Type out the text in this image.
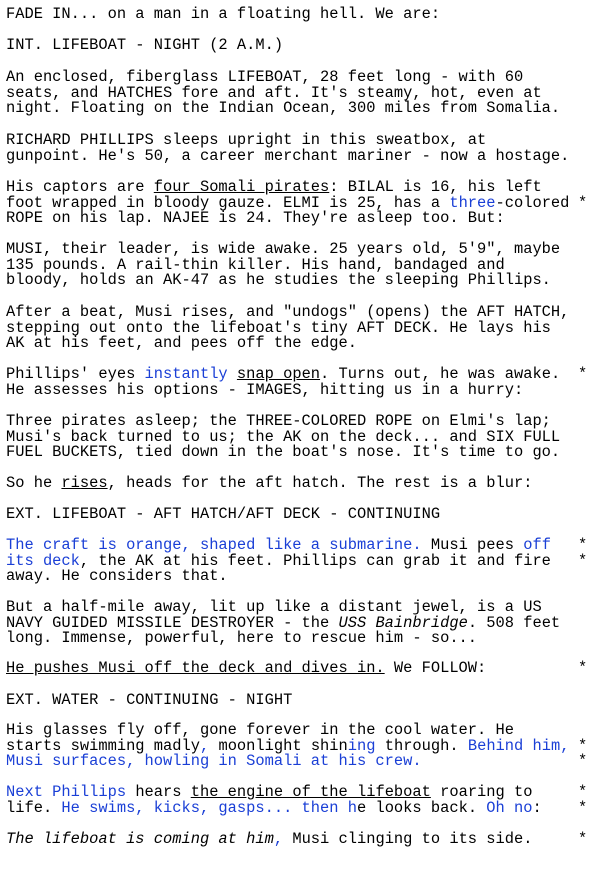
FADE IN... on a man in a floating hell. We are:
INT. LIFEBOAT - NIGHT (2 A.M.)
An enclosed, fiberglass LIFEBOAT, 28 feet long - with 60
seats, and HATCHES fore and aft. It's steamy, hot, even at
night. Floating on the Indian Ocean, 300 miles from Somalia.
RICHARD PHILLIPS sleeps upright in this sweatbox, at
gunpoint. He's 50, a career merchant mariner - now a hostage.
*
His captors are four Somali pirates: BILAL is 16, his left
foot wrapped in bloody gauze. ELMI is 25, has a three-colored
ROPE on his lap. NAJEE is 24. They're asleep too. But:
MUSI, their leader, is wide awake. 25 years old, 5'9", maybe
135 pounds. A rail-thin killer. His hand, bandaged and
bloody, holds an AK-47 as he studies the sleeping Phillips.
After a beat, Musi rises, and "undogs" (opens) the AFT HATCH,
stepping out onto the lifeboat's tiny AFT DECK. He lays his
AK at his feet, and pees off the edge.
*
Phillips' eyes instantly snap open. Turns out, he was awake.
He assesses his options - IMAGES, hitting us in a hurry:
Three pirates asleep; the THREE-COLORED ROPE on Elmi's lap;
Musi's back turned to us; the AK on the deck... and SIX FULL
FUEL BUCKETS, tied down in the boat's nose. It's time to go.
So he rises, heads for the aft hatch. The rest is a blur:
EXT. LIFEBOAT - AFT HATCH/AFT DECK - CONTINUING
*
*
The craft is orange, shaped like a submarine. Musi pees off
its deck, the AK at his feet. Phillips can grab it and fire
away. He considers that.
But a half-mile away, lit up like a distant jewel, is a US
NAVY GUIDED MISSILE DESTROYER - the USS Bainbridge. 508 feet
long. Immense, powerful, here to rescue him - so...
*
He pushes Musi off the deck and dives in. We FOLLOW:
EXT. WATER - CONTINUING - NIGHT
*
*
His glasses fly off, gone forever in the cool water. He
starts swimming madly, moonlight shining through. Behind him,
Musi surfaces, howling in Somali at his crew.
*
*
Next Phillips hears the engine of the lifeboat roaring to
life. He swims, kicks, gasps... then he looks back. Oh no:
*
The lifeboat is coming at him, Musi clinging to its side.
